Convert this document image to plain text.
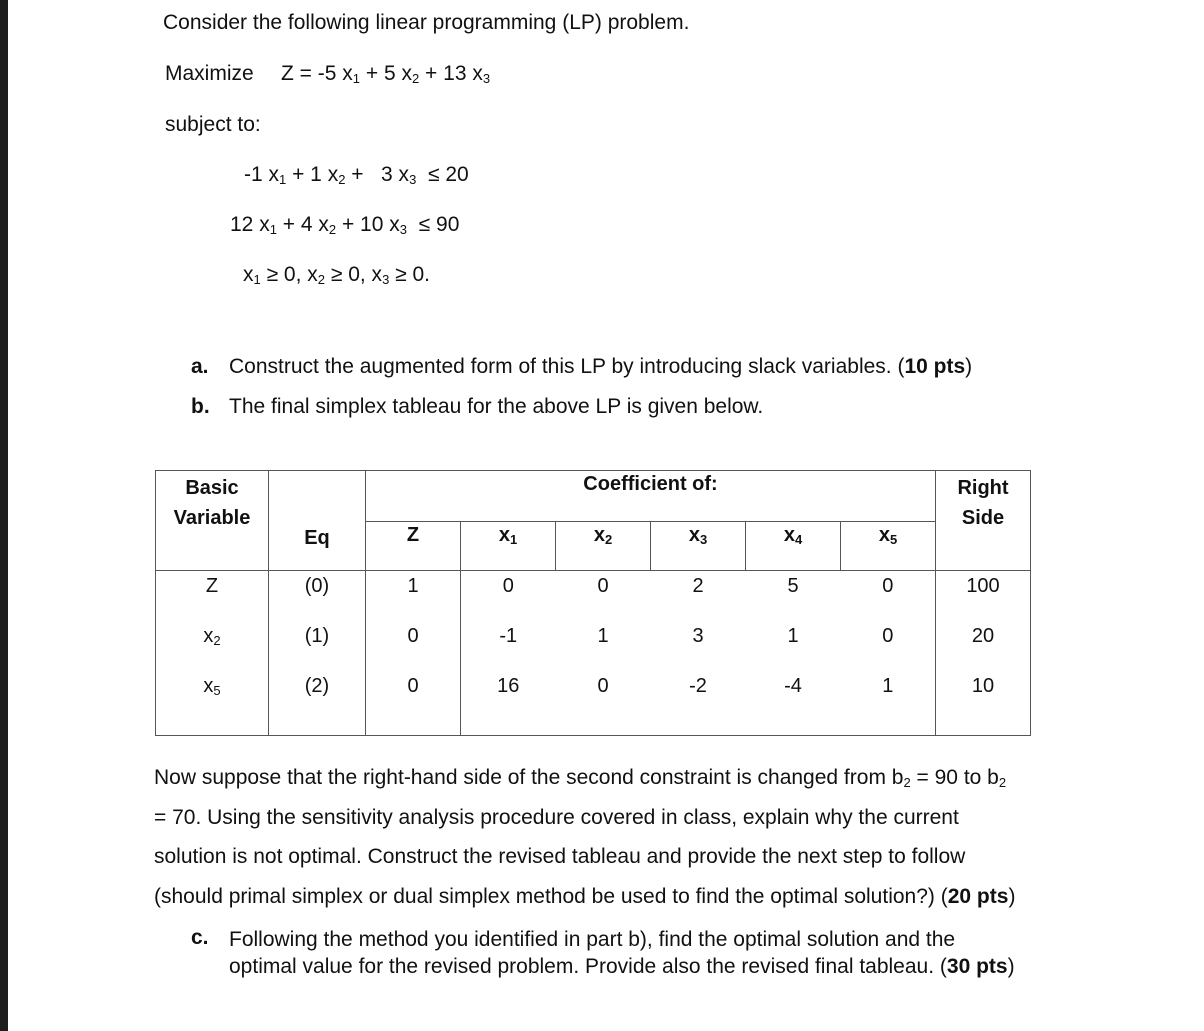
Consider the following linear programming (LP) problem.
Maximize Z = -5 $x_1 + 5$ $x_2 + 13$ $x_3$
subject to:
-1 $x_1 + 1$ $x_2 + 3$ $x_3 \le 20$
12 $x_1 + 4$ $x_2 + 10$ $x_3 \le 90$
$x_1 \ge 0$, $x_2 \ge 0$, $x_3 \ge 0$.
a. Construct the augmented form of this LP by introducing slack variables. (10 pts)
b. The final simplex tableau for the above LP is given below.
Basic Variable	Eq	Coefficient of:						Right Side
		Z	$x_1$	$x_2$	$x_3$	$x_4$	$x_5$
Z	(0)	1	0	0	2	5	0	100
$x_2$	(1)	0	-1	1	3	1	0	20
$x_5$	(2)	0	16	0	-2	-4	1	10
Now suppose that the right-hand side of the second constraint is changed from $b_2 = 90$ to $b_2$
= 70. Using the sensitivity analysis procedure covered in class, explain why the current
solution is not optimal. Construct the revised tableau and provide the next step to follow
(should primal simplex or dual simplex method be used to find the optimal solution?) (20 pts)
c. Following the method you identified in part b), find the optimal solution and the
optimal value for the revised problem. Provide also the revised final tableau. (30 pts)
